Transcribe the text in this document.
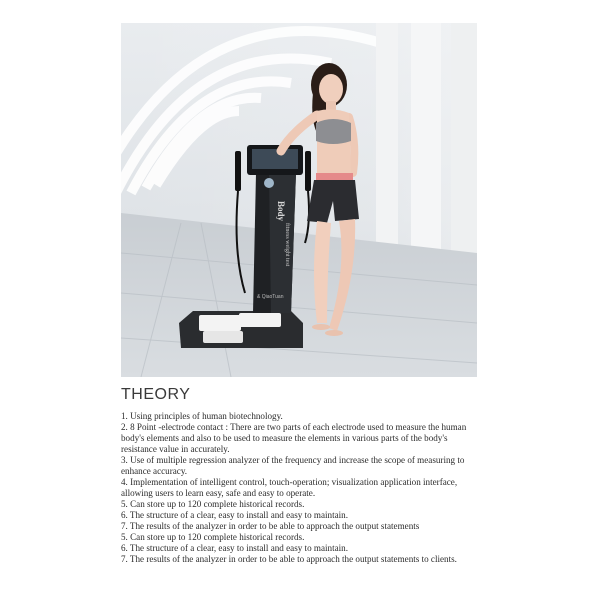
Body
fitness weight test
& QiaoTuan
THEORY
1. Using principles of human biotechnology.
2. 8 Point -electrode contact : There are two parts of each electrode used to measure the human body's elements and also to be used to measure the elements in various parts of the body's resistance value in accurately.
3. Use of multiple regression analyzer of the frequency and increase the scope of measuring to enhance accuracy.
4. Implementation of intelligent control, touch-operation; visualization application interface, allowing users to learn easy, safe and easy to operate.
5. Can store up to 120 complete historical records.
6. The structure of a clear, easy to install and easy to maintain.
7. The results of the analyzer in order to be able to approach the output statements
5. Can store up to 120 complete historical records.
6. The structure of a clear, easy to install and easy to maintain.
7. The results of the analyzer in order to be able to approach the output statements to clients.
